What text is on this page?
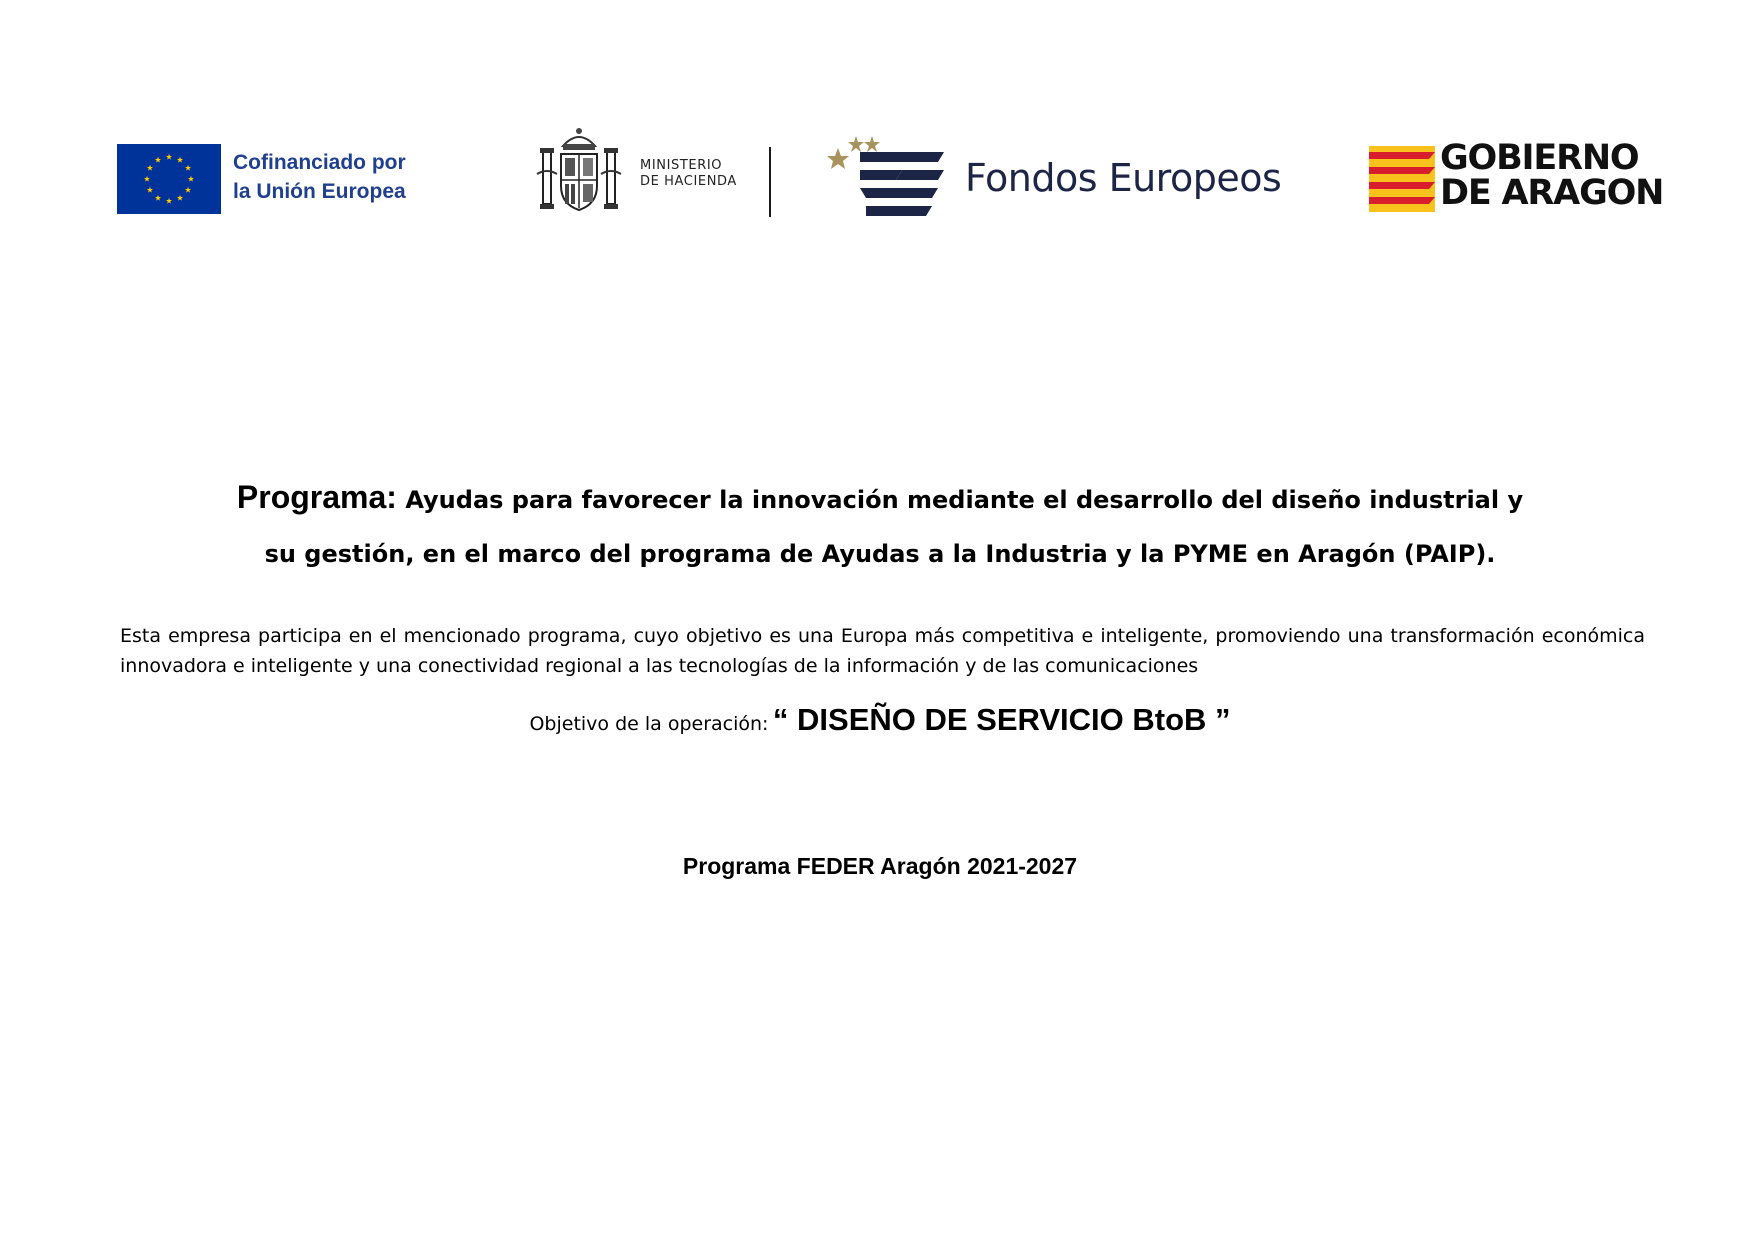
Cofinanciado por
la Unión Europea
MINISTERIO
DE HACIENDA	Fondos Europeos	GOBIERNO
DE ARAGON
Programa: Ayudas para favorecer la innovación mediante el desarrollo del diseño industrial y
su gestión, en el marco del programa de Ayudas a la Industria y la PYME en Aragón (PAIP).
Esta empresa participa en el mencionado programa, cuyo objetivo es una Europa más competitiva e inteligente, promoviendo una transformación económica innovadora e inteligente y una conectividad regional a las tecnologías de la información y de las comunicaciones
Objetivo de la operación: “ DISEÑO DE SERVICIO BtoB ”
Programa FEDER Aragón 2021-2027
